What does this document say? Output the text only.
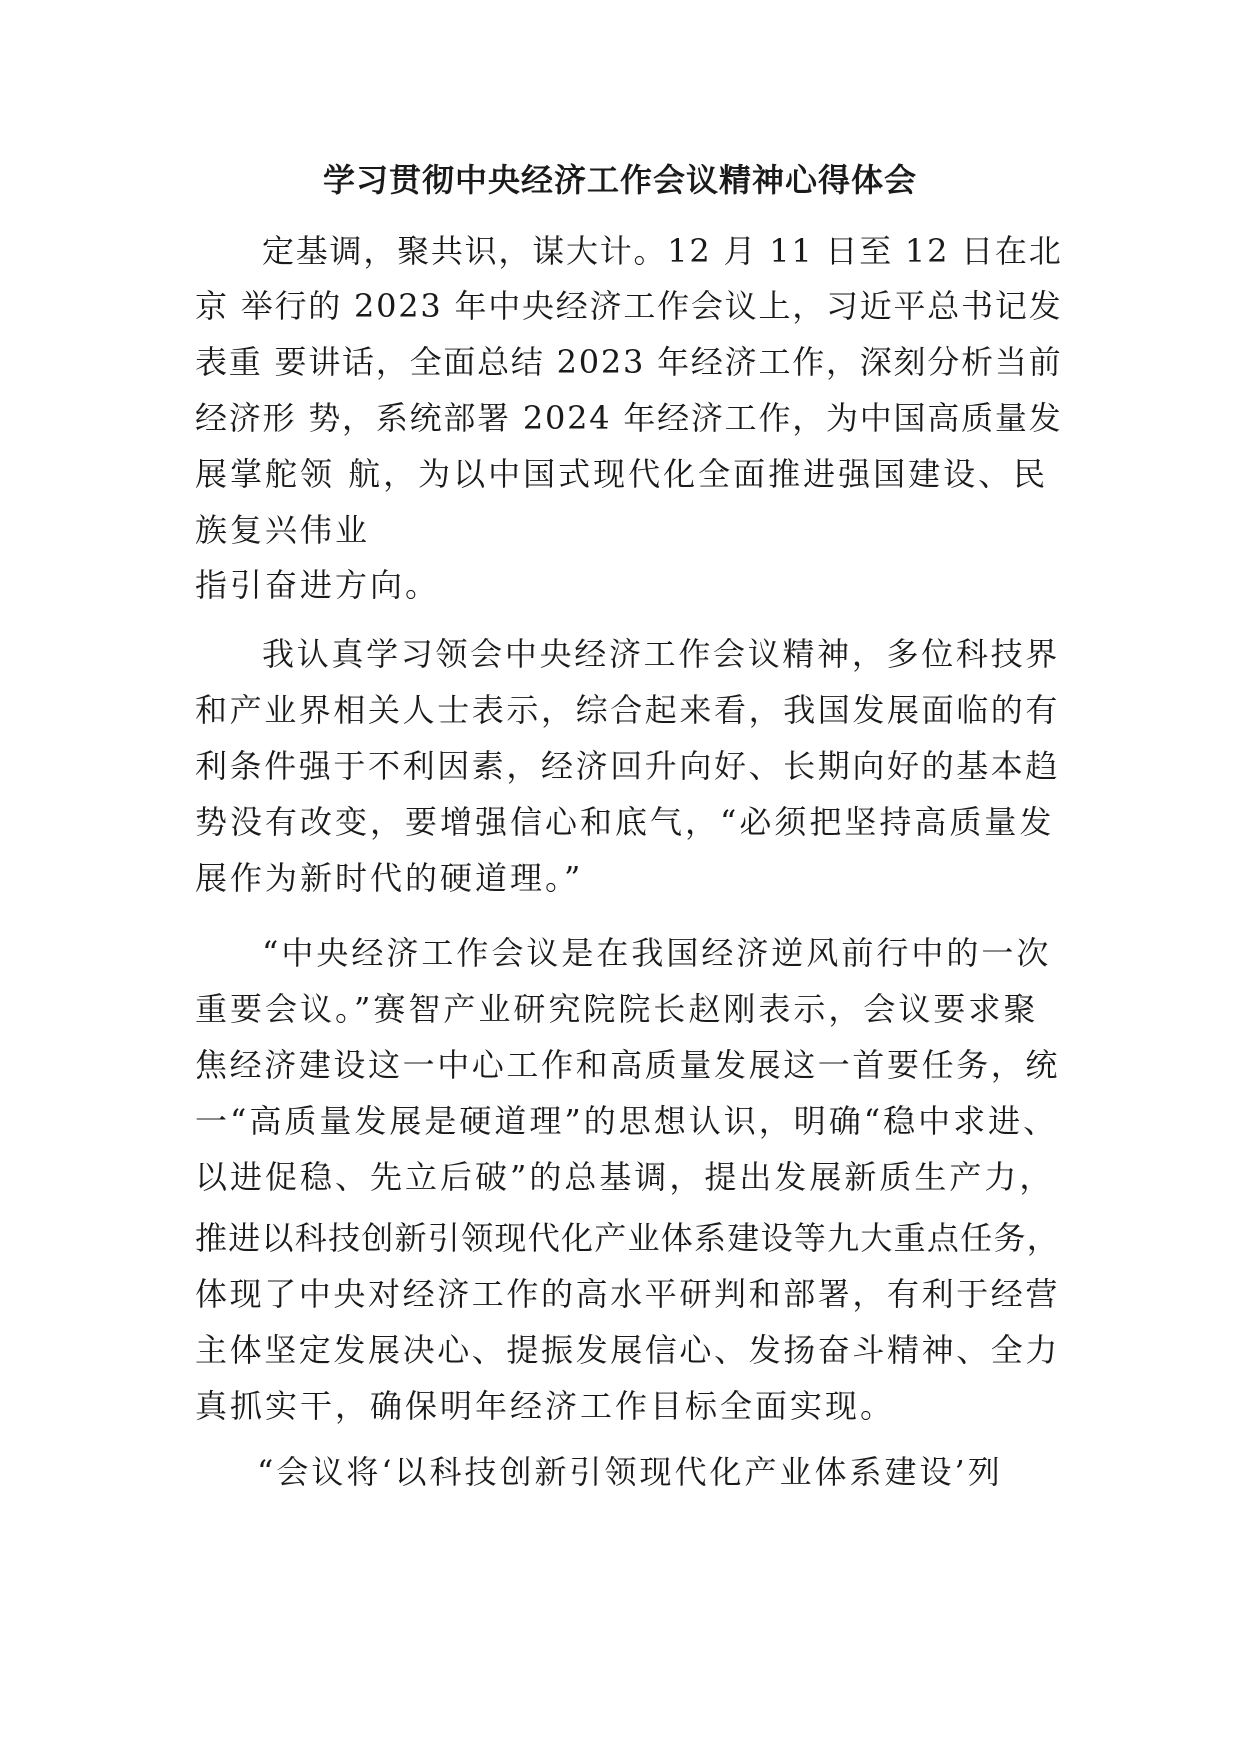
学习贯彻中央经济工作会议精神心得体会

定基调，聚共识，谋大计。12 月 11 日至 12 日在北

京 举行的 2023 年中央经济工作会议上，习近平总书记发

表重 要讲话，全面总结 2023 年经济工作，深刻分析当前

经济形 势，系统部署 2024 年经济工作，为中国高质量发

展掌舵领 航，为以中国式现代化全面推进强国建设、民

族复兴伟业

指引奋进方向。

我认真学习领会中央经济工作会议精神，多位科技界

和产业界相关人士表示，综合起来看，我国发展面临的有

利条件强于不利因素，经济回升向好、长期向好的基本趋

势没有改变，要增强信心和底气，“必须把坚持高质量发

展作为新时代的硬道理。”

“中央经济工作会议是在我国经济逆风前行中的一次

重要会议。”赛智产业研究院院长赵刚表示，会议要求聚

焦经济建设这一中心工作和高质量发展这一首要任务，统

一“高质量发展是硬道理”的思想认识，明确“稳中求进、

以进促稳、先立后破”的总基调，提出发展新质生产力，

推进以科技创新引领现代化产业体系建设等九大重点任务，

体现了中央对经济工作的高水平研判和部署，有利于经营

主体坚定发展决心、提振发展信心、发扬奋斗精神、全力

真抓实干，确保明年经济工作目标全面实现。

“会议将‘以科技创新引领现代化产业体系建设’列
